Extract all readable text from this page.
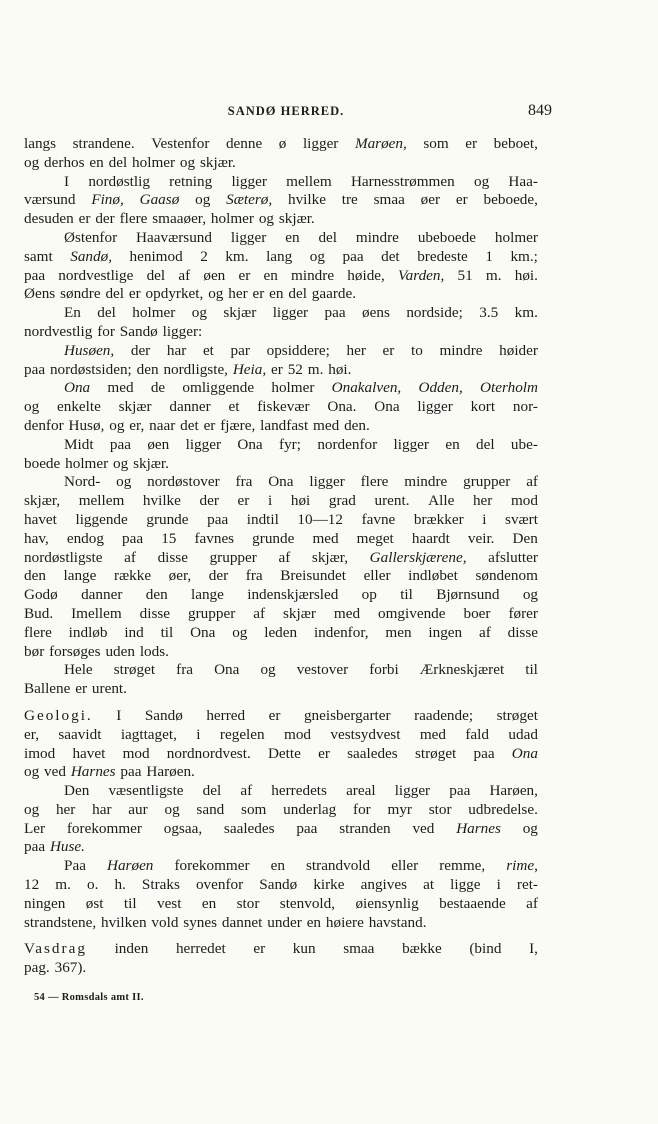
SANDØ HERRED.	849
langs strandene. Vestenfor denne ø ligger Marøen, som er beboet,
og derhos en del holmer og skjær.
I nordøstlig retning ligger mellem Harnesstrømmen og Haa-
værsund Finø, Gaasø og Sæterø, hvilke tre smaa øer er beboede,
desuden er der flere smaaøer, holmer og skjær.
Østenfor Haaværsund ligger en del mindre ubeboede holmer
samt Sandø, henimod 2 km. lang og paa det bredeste 1 km.;
paa nordvestlige del af øen er en mindre høide, Varden, 51 m. høi.
Øens søndre del er opdyrket, og her er en del gaarde.
En del holmer og skjær ligger paa øens nordside; 3.5 km.
nordvestlig for Sandø ligger:
Husøen, der har et par opsiddere; her er to mindre høider
paa nordøstsiden; den nordligste, Heia, er 52 m. høi.
Ona med de omliggende holmer Onakalven, Odden, Oterholm
og enkelte skjær danner et fiskevær Ona. Ona ligger kort nor-
denfor Husø, og er, naar det er fjære, landfast med den.
Midt paa øen ligger Ona fyr; nordenfor ligger en del ube-
boede holmer og skjær.
Nord- og nordøstover fra Ona ligger flere mindre grupper af
skjær, mellem hvilke der er i høi grad urent. Alle her mod
havet liggende grunde paa indtil 10—12 favne brækker i svært
hav, endog paa 15 favnes grunde med meget haardt veir. Den
nordøstligste af disse grupper af skjær, Gallerskjærene, afslutter
den lange række øer, der fra Breisundet eller indløbet søndenom
Godø danner den lange indenskjærsled op til Bjørnsund og
Bud. Imellem disse grupper af skjær med omgivende boer fører
flere indløb ind til Ona og leden indenfor, men ingen af disse
bør forsøges uden lods.
Hele strøget fra Ona og vestover forbi Ærkneskjæret til
Ballene er urent.
Geologi. I Sandø herred er gneisbergarter raadende; strøget
er, saavidt iagttaget, i regelen mod vestsydvest med fald udad
imod havet mod nordnordvest. Dette er saaledes strøget paa Ona
og ved Harnes paa Harøen.
Den væsentligste del af herredets areal ligger paa Harøen,
og her har aur og sand som underlag for myr stor udbredelse.
Ler forekommer ogsaa, saaledes paa stranden ved Harnes og
paa Huse.
Paa Harøen forekommer en strandvold eller remme, rime,
12 m. o. h. Straks ovenfor Sandø kirke angives at ligge i ret-
ningen øst til vest en stor stenvold, øiensynlig bestaaende af
strandstene, hvilken vold synes dannet under en høiere havstand.
Vasdrag inden herredet er kun smaa bække (bind I,
pag. 367).
54 — Romsdals amt II.
